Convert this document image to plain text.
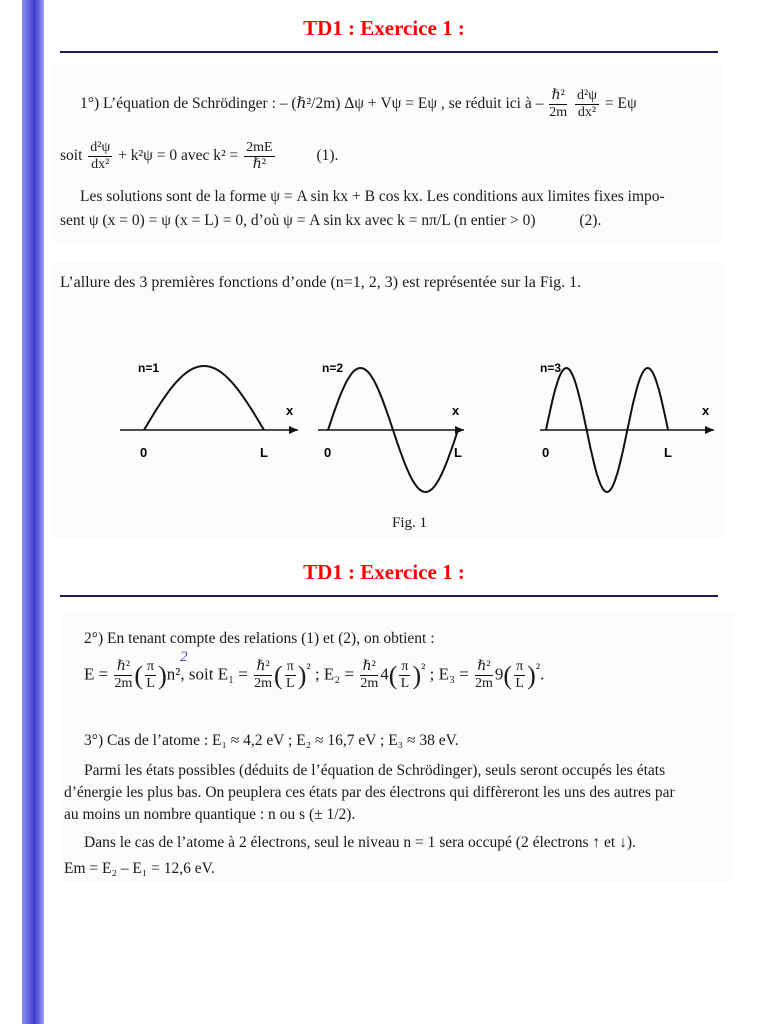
TD1 : Exercice 1 :
1°) L’équation de Schrödinger : – (ℏ²/2m) Δψ + Vψ = Eψ , se réduit ici à – $\frac{\text{ℏ²}}{2m}$
$\frac{\text{d²ψ}}{\text{dx²}} = E\psi$
soit $\frac{\text{d²ψ}}{\text{dx²}} + k^2\psi = 0$ avec $k^2 = \frac{2mE}{\text{ℏ²}}$	(1).
Les solutions sont de la forme ψ = A sin kx + B cos kx. Les conditions aux limites fixes impo-
sent ψ (x = 0) = ψ (x = L) = 0, d’où ψ = A sin kx avec k = nπ/L (n entier > 0)	(2).
L’allure des 3 premières fonctions d’onde (n=1, 2, 3) est représentée sur la Fig. 1.
n=1
x
0	L
n=2
x
0	L
n=3
x
0	L
Fig. 1
TD1 : Exercice 1 :
2°) En tenant compte des relations (1) et (2), on obtient :
$E = \frac{\text{ℏ²}}{2m}$ ( $\frac{\pi}{L} )n^2$, soit $E_1 = \frac{\text{ℏ²}}{2m}$ ( $\frac{\pi}{L} )^{^2}$ ; $E_2 = \frac{\text{ℏ²}}{2m} 4( \frac{\pi}{L} )^{^2}$ ; $E_3 = \frac{\text{ℏ²}}{2m} 9( \frac{\pi}{L} )^{^2}$.
2
3°) Cas de l’atome : E₁ ≈ 4,2 eV ; E₂ ≈ 16,7 eV ; E₃ ≈ 38 eV.
Parmi les états possibles (déduits de l’équation de Schrödinger), seuls seront occupés les états
d’énergie les plus bas. On peuplera ces états par des électrons qui diffèreront les uns des autres par
au moins un nombre quantique : n ou s (± 1/2).
Dans le cas de l’atome à 2 électrons, seul le niveau n = 1 sera occupé (2 électrons ↑ et ↓).
Em = E₂ – E₁ = 12,6 eV.
